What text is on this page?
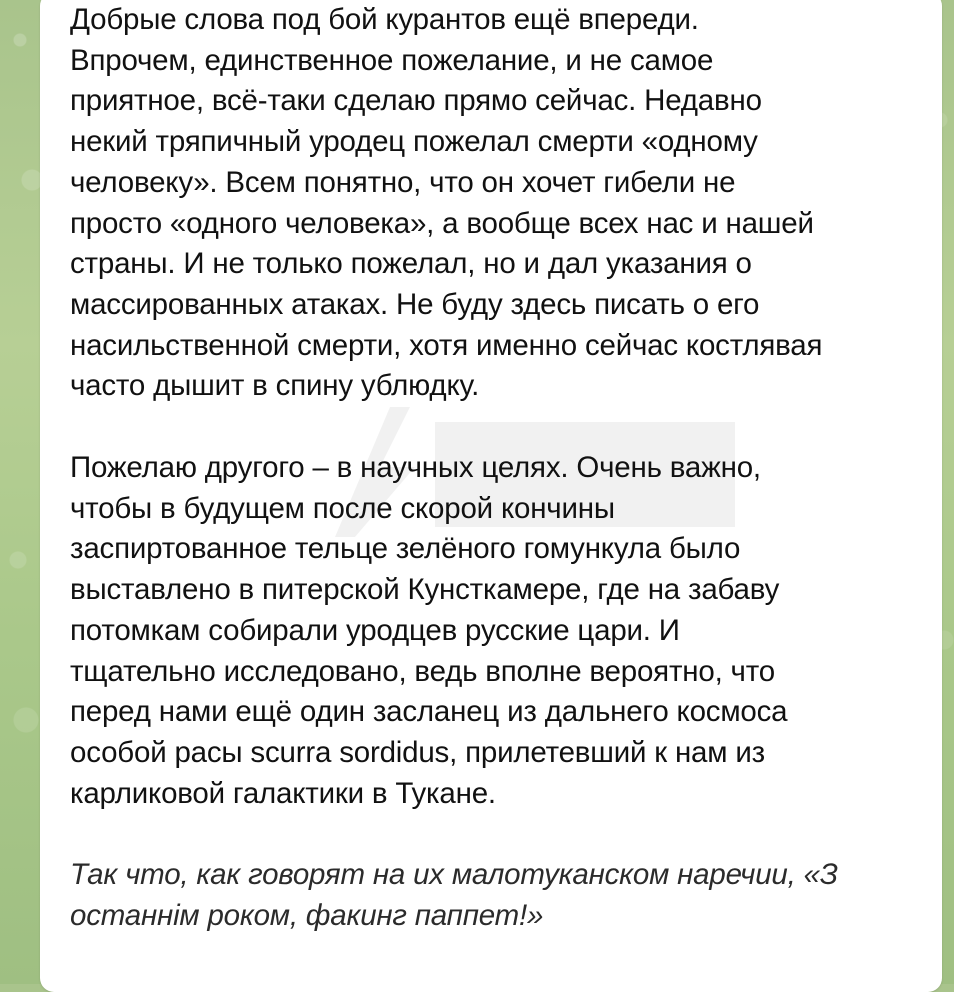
Добрые слова под бой курантов ещё впереди.
Впрочем, единственное пожелание, и не самое
приятное, всё-таки сделаю прямо сейчас. Недавно
некий тряпичный уродец пожелал смерти «одному
человеку». Всем понятно, что он хочет гибели не
просто «одного человека», а вообще всех нас и нашей
страны. И не только пожелал, но и дал указания о
массированных атаках. Не буду здесь писать о его
насильственной смерти, хотя именно сейчас костлявая
часто дышит в спину ублюдку.

Пожелаю другого – в научных целях. Очень важно,
чтобы в будущем после скорой кончины
заспиртованное тельце зелёного гомункула было
выставлено в питерской Кунсткамере, где на забаву
потомкам собирали уродцев русские цари. И
тщательно исследовано, ведь вполне вероятно, что
перед нами ещё один засланец из дальнего космоса
особой расы scurra sordidus, прилетевший к нам из
карликовой галактики в Тукане.

Так что, как говорят на их малотуканском наречии, «З
останнім роком, факинг паппет!»
